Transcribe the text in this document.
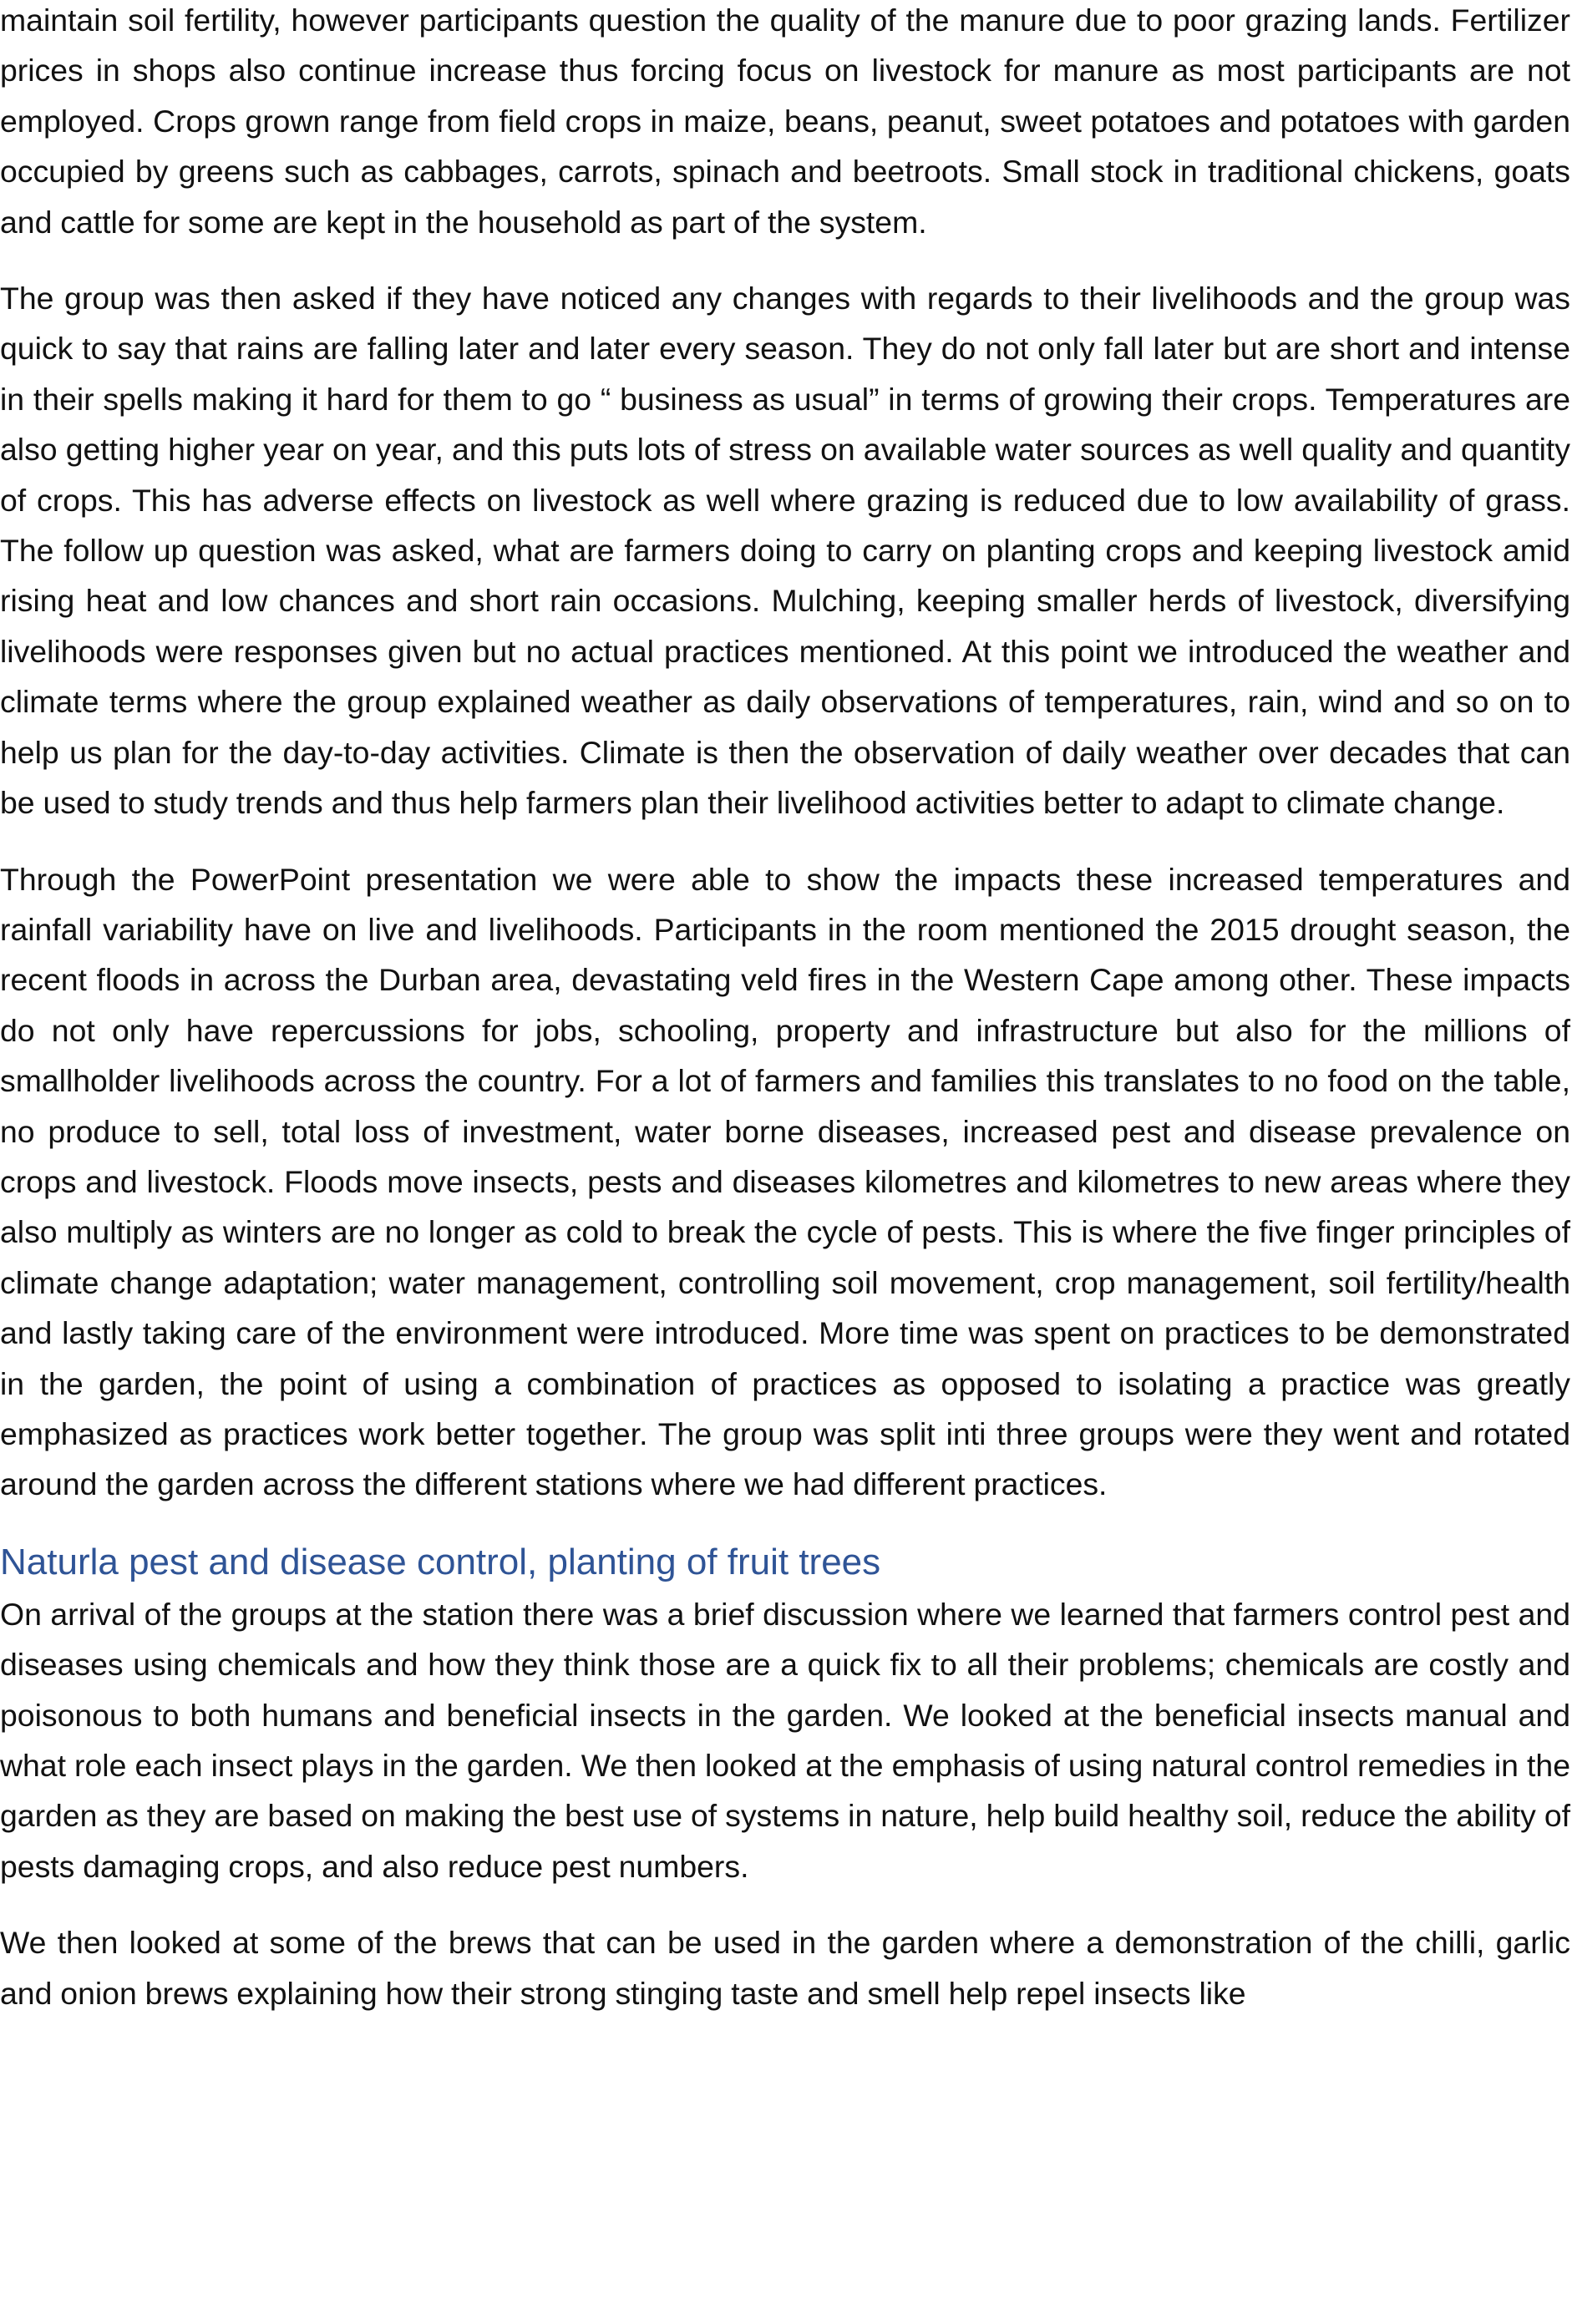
maintain soil fertility, however participants question the quality of the manure due to poor grazing lands. Fertilizer prices in shops also continue increase thus forcing focus on livestock for manure as most participants are not employed. Crops grown range from field crops in maize, beans, peanut, sweet potatoes and potatoes with garden occupied by greens such as cabbages, carrots, spinach and beetroots. Small stock in traditional chickens, goats and cattle for some are kept in the household as part of the system.

The group was then asked if they have noticed any changes with regards to their livelihoods and the group was quick to say that rains are falling later and later every season. They do not only fall later but are short and intense in their spells making it hard for them to go “ business as usual” in terms of growing their crops. Temperatures are also getting higher year on year, and this puts lots of stress on available water sources as well quality and quantity of crops. This has adverse effects on livestock as well where grazing is reduced due to low availability of grass. The follow up question was asked, what are farmers doing to carry on planting crops and keeping livestock amid rising heat and low chances and short rain occasions. Mulching, keeping smaller herds of livestock, diversifying livelihoods were responses given but no actual practices mentioned. At this point we introduced the weather and climate terms where the group explained weather as daily observations of temperatures, rain, wind and so on to help us plan for the day-to-day activities. Climate is then the observation of daily weather over decades that can be used to study trends and thus help farmers plan their livelihood activities better to adapt to climate change.

Through the PowerPoint presentation we were able to show the impacts these increased temperatures and rainfall variability have on live and livelihoods. Participants in the room mentioned the 2015 drought season, the recent floods in across the Durban area, devastating veld fires in the Western Cape among other. These impacts do not only have repercussions for jobs, schooling, property and infrastructure but also for the millions of smallholder livelihoods across the country. For a lot of farmers and families this translates to no food on the table, no produce to sell, total loss of investment, water borne diseases, increased pest and disease prevalence on crops and livestock. Floods move insects, pests and diseases kilometres and kilometres to new areas where they also multiply as winters are no longer as cold to break the cycle of pests. This is where the five finger principles of climate change adaptation; water management, controlling soil movement, crop management, soil fertility/health and lastly taking care of the environment were introduced. More time was spent on practices to be demonstrated in the garden, the point of using a combination of practices as opposed to isolating a practice was greatly emphasized as practices work better together. The group was split inti three groups were they went and rotated around the garden across the different stations where we had different practices.

Naturla pest and disease control, planting of fruit trees

On arrival of the groups at the station there was a brief discussion where we learned that farmers control pest and diseases using chemicals and how they think those are a quick fix to all their problems; chemicals are costly and poisonous to both humans and beneficial insects in the garden. We looked at the beneficial insects manual and what role each insect plays in the garden. We then looked at the emphasis of using natural control remedies in the garden as they are based on making the best use of systems in nature, help build healthy soil, reduce the ability of pests damaging crops, and also reduce pest numbers.

We then looked at some of the brews that can be used in the garden where a demonstration of the chilli, garlic and onion brews explaining how their strong stinging taste and smell help repel insects like
